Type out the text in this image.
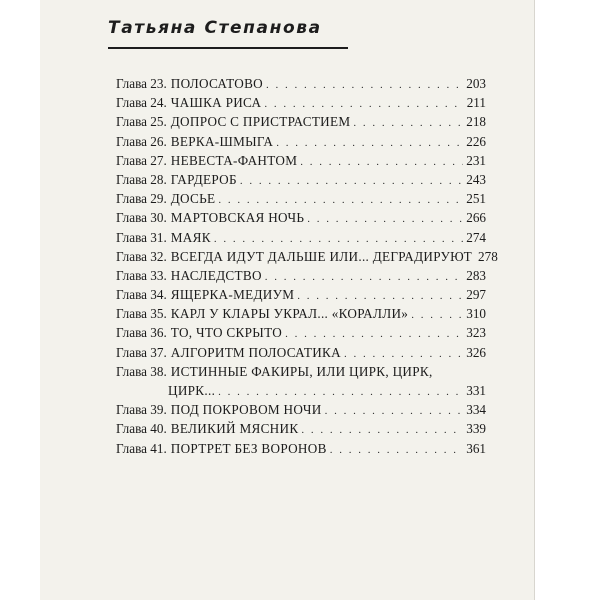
Татьяна Степанова
Глава 23. ПОЛОСАТОВО . . .	203
Глава 24. ЧАШКА РИСА . . .	211
Глава 25. ДОПРОС С ПРИСТРАСТИЕМ . . .	218
Глава 26. ВЕРКА-ШМЫГА . . .	226
Глава 27. НЕВЕСТА-ФАНТОМ . . .	231
Глава 28. ГАРДЕРОБ . . .	243
Глава 29. ДОСЬЕ . . .	251
Глава 30. МАРТОВСКАЯ НОЧЬ . . .	266
Глава 31. МАЯК . . .	274
Глава 32. ВСЕГДА ИДУТ ДАЛЬШЕ ИЛИ... ДЕГРАДИРУЮТ 278
Глава 33. НАСЛЕДСТВО . . .	283
Глава 34. ЯЩЕРКА-МЕДИУМ . . .	297
Глава 35. КАРЛ У КЛАРЫ УКРАЛ... «КОРАЛЛИ» . . .	310
Глава 36. ТО, ЧТО СКРЫТО . . .	323
Глава 37. АЛГОРИТМ ПОЛОСАТИКА . . .	326
Глава 38. ИСТИННЫЕ ФАКИРЫ, ИЛИ ЦИРК, ЦИРК,
ЦИРК... . . .	331
Глава 39. ПОД ПОКРОВОМ НОЧИ . . .	334
Глава 40. ВЕЛИКИЙ МЯСНИК . . .	339
Глава 41. ПОРТРЕТ БЕЗ ВОРОНОВ . . .	361
